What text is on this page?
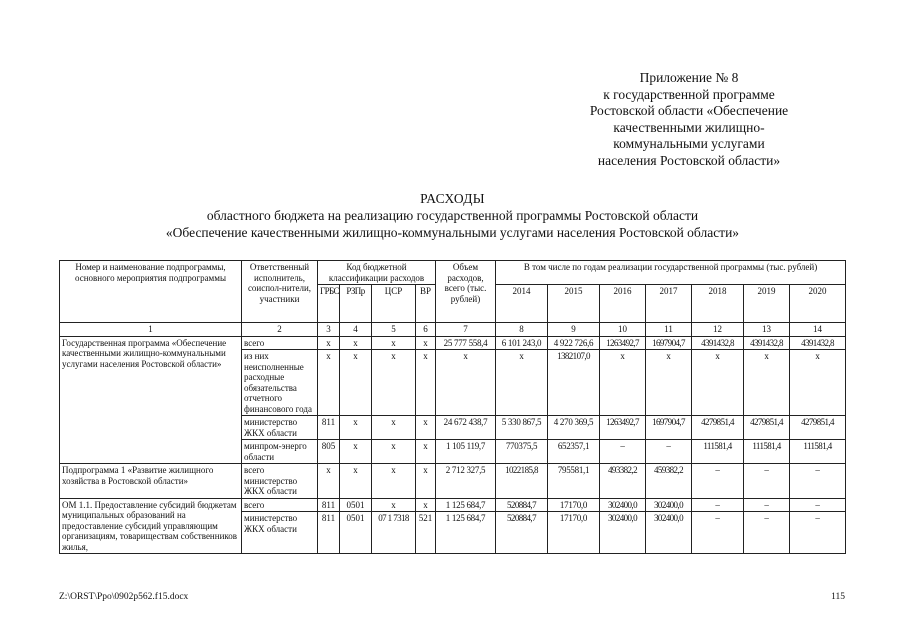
Приложение № 8
к государственной программе
Ростовской области «Обеспечение
качественными жилищно-
коммунальными услугами
населения Ростовской области»
РАСХОДЫ
областного бюджета на реализацию государственной программы Ростовской области
«Обеспечение качественными жилищно-коммунальными услугами населения Ростовской области»
Номер и наименование подпрограммы, основного мероприятия подпрограммы	Ответственный исполнитель, соиспол-нители, участники	Код бюджетной классификации расходов				Объем расходов, всего (тыс. рублей)	В том числе по годам реализации государственной программы (тыс. рублей)						
		ГРБС	РЗПр	ЦСР	ВР		2014	2015	2016	2017	2018	2019	2020
1	2	3	4	5	6	7	8	9	10	11	12	13	14
Государственная программа «Обеспечение качественными жилищно-коммунальными услугами населения Ростовской области»	всего	х	х	х	х	25 777 558,4	6 101 243,0	4 922 726,6	1263492,7	1697904,7	4391432,8	4391432,8	4391432,8
	из них неисполненные расходные обязательства отчетного финансового года	х	х	х	х	х	х	1382107,0	х	х	х	х	х
	министерство ЖКХ области	811	х	х	х	24 672 438,7	5 330 867,5	4 270 369,5	1263492,7	1697904,7	4279851,4	4279851,4	4279851,4
	минпром-энерго области	805	х	х	х	1 105 119,7	770375,5	652357,1	–	–	111581,4	111581,4	111581,4
Подпрограмма 1 «Развитие жилищного хозяйства в Ростовской области»	всего министерство ЖКХ области	х	х	х	х	2 712 327,5	1022185,8	795581,1	493382,2	459382,2	–	–	–
ОМ 1.1. Предоставление субсидий бюджетам муниципальных образований на предоставление субсидий управляющим организациям, товариществам собственников жилья,	всего	811	0501	х	х	1 125 684,7	520884,7	17170,0	302400,0	302400,0	–	–	–
	министерство ЖКХ области	811	0501	07 1 7318	521	1 125 684,7	520884,7	17170,0	302400,0	302400,0	–	–	–
Z:\ORST\Ppo\0902p562.f15.docx	115
